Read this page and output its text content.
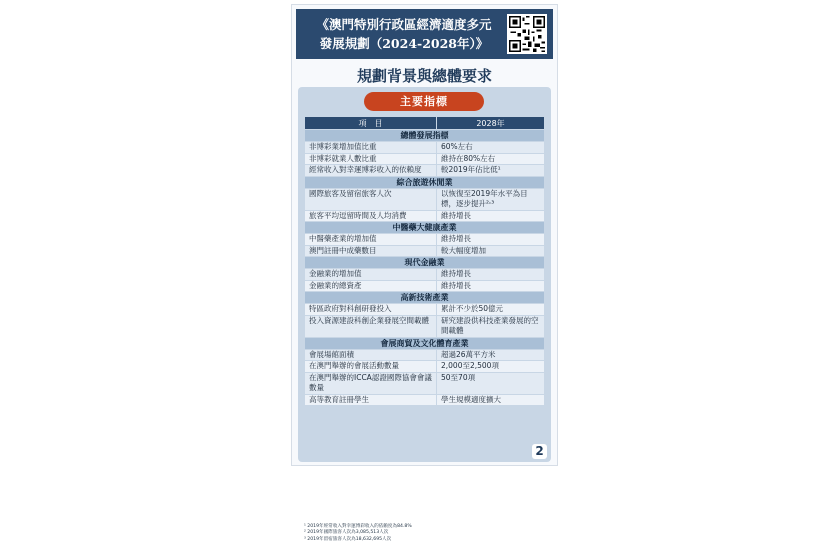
《澳門特別行政區經濟適度多元
發展規劃（2024-2028年）》
規劃背景與總體要求
主要指標
項　目	2028年
總體發展指標	
非博彩業增加值比重	60%左右
非博彩就業人數比重	維持在80%左右
經常收入對幸運博彩收入的依賴度	較2019年佔比低¹
綜合旅遊休閒業	
國際旅客及留宿旅客人次	以恢復至2019年水平為目標，逐步提升²˒³
旅客平均逗留時間及人均消費	維持增長
中醫藥大健康產業	
中醫藥產業的增加值	維持增長
澳門註冊中成藥數目	較大幅度增加
現代金融業	
金融業的增加值	維持增長
金融業的總資產	維持增長
高新技術產業	
特區政府對科創研發投入	累計不少於50億元
投入資源建設科創企業發展空間載體	研究建設供科技產業發展的空間載體
會展商貿及文化體育產業	
會展場館面積	超過26萬平方米
在澳門舉辦的會展活動數量	2,000至2,500項
在澳門舉辦的ICCA認證國際協會會議數量	50至70項
高等教育註冊學生	學生規模適度擴大
¹ 2019年經常收入對幸運博彩收入的依賴度為84.8%
² 2019年國際旅客人次為3,085,513人次
³ 2019年留宿旅客人次為18,632,695人次
2
